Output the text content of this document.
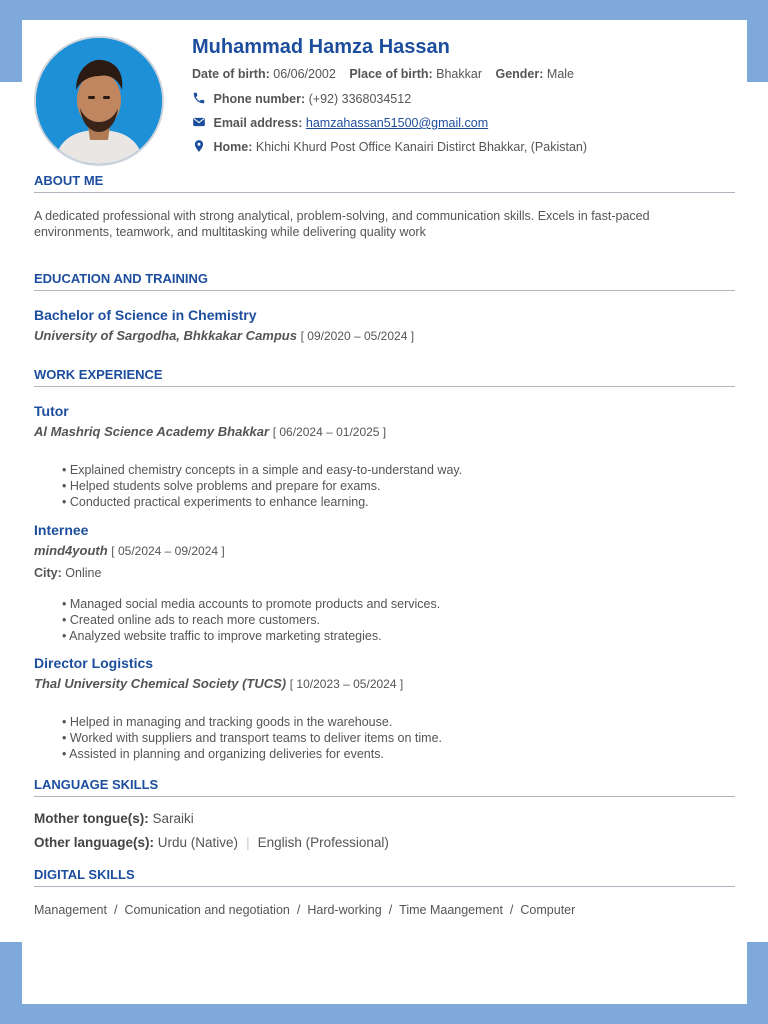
Muhammad Hamza Hassan
Date of birth: 06/06/2002 Place of birth: Bhakkar Gender: Male
Phone number: (+92) 3368034512
Email address: hamzahassan51500@gmail.com
Home: Khichi Khurd Post Office Kanairi Distirct Bhakkar, (Pakistan)
ABOUT ME
A dedicated professional with strong analytical, problem-solving, and communication skills. Excels in fast-paced environments, teamwork, and multitasking while delivering quality work
EDUCATION AND TRAINING
Bachelor of Science in Chemistry
University of Sargodha, Bhkkakar Campus [ 09/2020 – 05/2024 ]
WORK EXPERIENCE
Tutor
Al Mashriq Science Academy Bhakkar [ 06/2024 – 01/2025 ]
• Explained chemistry concepts in a simple and easy-to-understand way.
• Helped students solve problems and prepare for exams.
• Conducted practical experiments to enhance learning.
Internee
mind4youth [ 05/2024 – 09/2024 ]
City: Online
• Managed social media accounts to promote products and services.
• Created online ads to reach more customers.
• Analyzed website traffic to improve marketing strategies.
Director Logistics
Thal University Chemical Society (TUCS) [ 10/2023 – 05/2024 ]
• Helped in managing and tracking goods in the warehouse.
• Worked with suppliers and transport teams to deliver items on time.
• Assisted in planning and organizing deliveries for events.
LANGUAGE SKILLS
Mother tongue(s): Saraiki
Other language(s): Urdu (Native) | English (Professional)
DIGITAL SKILLS
Management / Comunication and negotiation / Hard-working / Time Maangement / Computer
